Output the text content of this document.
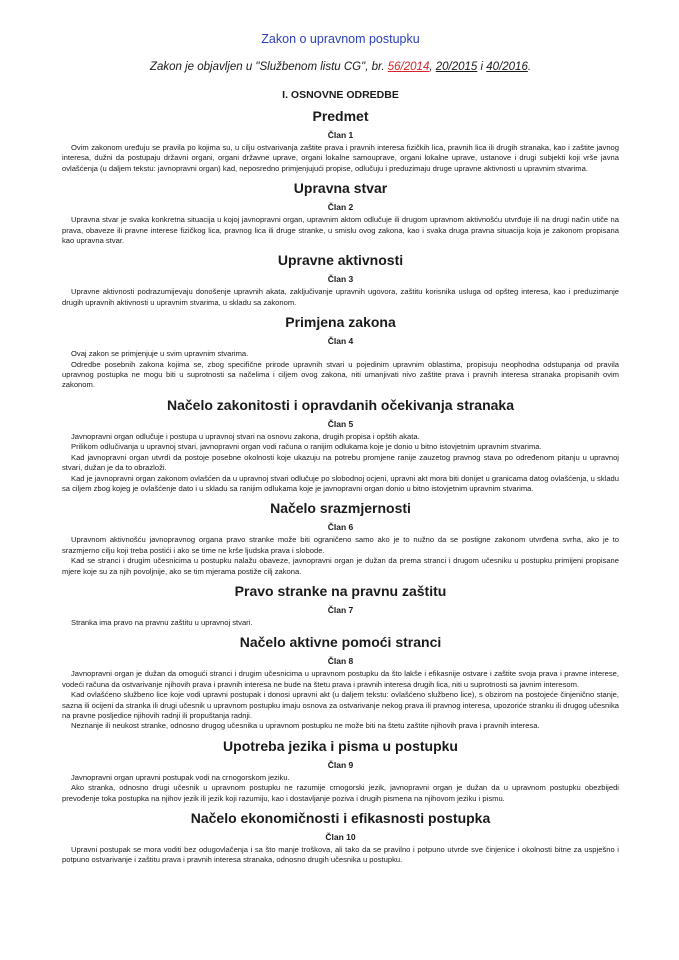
Zakon o upravnom postupku
Zakon je objavljen u "Službenom listu CG", br. 56/2014, 20/2015 i 40/2016.
I. OSNOVNE ODREDBE
Predmet
Član 1

Ovim zakonom uređuju se pravila po kojima su, u cilju ostvarivanja zaštite prava i pravnih interesa fizičkih lica, pravnih lica ili drugih stranaka, kao i zaštite javnog interesa, dužni da postupaju državni organi, organi državne uprave, organi lokalne samouprave, organi lokalne uprave, ustanove i drugi subjekti koji vrše javna ovlašćenja (u daljem tekstu: javnopravni organ) kad, neposredno primjenjujući propise, odlučuju i preduzimaju druge upravne aktivnosti u upravnim stvarima.

Upravna stvar
Član 2

Upravna stvar je svaka konkretna situacija u kojoj javnopravni organ, upravnim aktom odlučuje ili drugom upravnom aktivnošću utvrđuje ili na drugi način utiče na prava, obaveze ili pravne interese fizičkog lica, pravnog lica ili druge stranke, u smislu ovog zakona, kao i svaka druga pravna situacija koja je zakonom propisana kao upravna stvar.

Upravne aktivnosti
Član 3

Upravne aktivnosti podrazumijevaju donošenje upravnih akata, zaključivanje upravnih ugovora, zaštitu korisnika usluga od opšteg interesa, kao i preduzimanje drugih upravnih aktivnosti u upravnim stvarima, u skladu sa zakonom.

Primjena zakona
Član 4

Ovaj zakon se primjenjuje u svim upravnim stvarima.

Odredbe posebnih zakona kojima se, zbog specifične prirode upravnih stvari u pojedinim upravnim oblastima, propisuju neophodna odstupanja od pravila upravnog postupka ne mogu biti u suprotnosti sa načelima i ciljem ovog zakona, niti umanjivati nivo zaštite prava i pravnih interesa stranaka propisanih ovim zakonom.

Načelo zakonitosti i opravdanih očekivanja stranaka
Član 5

Javnopravni organ odlučuje i postupa u upravnoj stvari na osnovu zakona, drugih propisa i opštih akata.

Prilikom odlučivanja u upravnoj stvari, javnopravni organ vodi računa o ranijim odlukama koje je donio u bitno istovjetnim upravnim stvarima.

Kad javnopravni organ utvrdi da postoje posebne okolnosti koje ukazuju na potrebu promjene ranije zauzetog pravnog stava po određenom pitanju u upravnoj stvari, dužan je da to obrazloži.

Kad je javnopravni organ zakonom ovlašćen da u upravnoj stvari odlučuje po slobodnoj ocjeni, upravni akt mora biti donijet u granicama datog ovlašćenja, u skladu sa ciljem zbog kojeg je ovlašćenje dato i u skladu sa ranijim odlukama koje je javnopravni organ donio u bitno istovjetnim upravnim stvarima.

Načelo srazmjernosti
Član 6

Upravnom aktivnošću javnopravnog organa pravo stranke može biti ograničeno samo ako je to nužno da se postigne zakonom utvrđena svrha, ako je to srazmjerno cilju koji treba postići i ako se time ne krše ljudska prava i slobode.

Kad se stranci i drugim učesnicima u postupku nalažu obaveze, javnopravni organ je dužan da prema stranci i drugom učesniku u postupku primijeni propisane mjere koje su za njih povoljnije, ako se tim mjerama postiže cilj zakona.

Pravo stranke na pravnu zaštitu
Član 7

Stranka ima pravo na pravnu zaštitu u upravnoj stvari.

Načelo aktivne pomoći stranci
Član 8

Javnopravni organ je dužan da omogući stranci i drugim učesnicima u upravnom postupku da što lakše i efikasnije ostvare i zaštite svoja prava i pravne interese, vodeći računa da ostvarivanje njihovih prava i pravnih interesa ne bude na štetu prava i pravnih interesa drugih lica, niti u suprotnosti sa javnim interesom.

Kad ovlašćeno službeno lice koje vodi upravni postupak i donosi upravni akt (u daljem tekstu: ovlašćeno službeno lice), s obzirom na postojeće činjenično stanje, sazna ili ocijeni da stranka ili drugi učesnik u upravnom postupku imaju osnova za ostvarivanje nekog prava ili pravnog interesa, upozoriće stranku ili drugog učesnika na pravne posljedice njihovih radnji ili propuštanja radnji.

Neznanje ili neukost stranke, odnosno drugog učesnika u upravnom postupku ne može biti na štetu zaštite njihovih prava i pravnih interesa.

Upotreba jezika i pisma u postupku
Član 9

Javnopravni organ upravni postupak vodi na crnogorskom jeziku.

Ako stranka, odnosno drugi učesnik u upravnom postupku ne razumije crnogorski jezik, javnopravni organ je dužan da u upravnom postupku obezbijedi prevođenje toka postupka na njihov jezik ili jezik koji razumiju, kao i dostavljanje poziva i drugih pismena na njihovom jeziku i pismu.

Načelo ekonomičnosti i efikasnosti postupka
Član 10

Upravni postupak se mora voditi bez odugovlačenja i sa što manje troškova, ali tako da se pravilno i potpuno utvrde sve činjenice i okolnosti bitne za uspješno i potpuno ostvarivanje i zaštitu prava i pravnih interesa stranaka, odnosno drugih učesnika u postupku.
